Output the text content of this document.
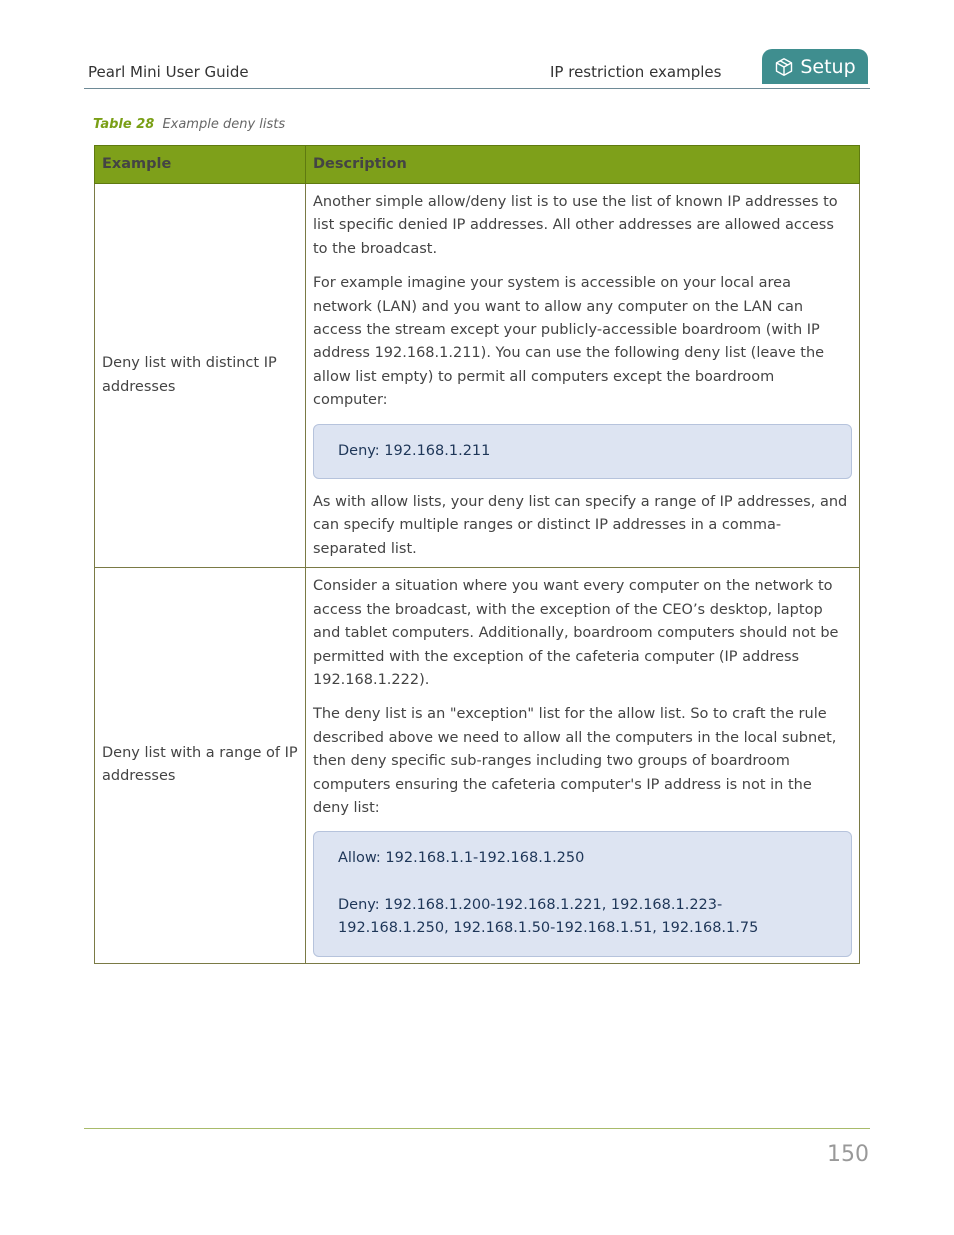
Pearl Mini User Guide	IP restriction examples	Setup
Table 28 Example deny lists
Example	Description
Deny list with distinct IP addresses	Another simple allow/deny list is to use the list of known IP addresses to list specific denied IP addresses. All other addresses are allowed access to the broadcast.

For example imagine your system is accessible on your local area network (LAN) and you want to allow any computer on the LAN can access the stream except your publicly-accessible boardroom (with IP address 192.168.1.211). You can use the following deny list (leave the allow list empty) to permit all computers except the boardroom computer:

Deny: 192.168.1.211

As with allow lists, your deny list can specify a range of IP addresses, and can specify multiple ranges or distinct IP addresses in a comma-separated list.

Deny list with a range of IP addresses	Consider a situation where you want every computer on the network to access the broadcast, with the exception of the CEO’s desktop, laptop and tablet computers. Additionally, boardroom computers should not be permitted with the exception of the cafeteria computer (IP address 192.168.1.222).

The deny list is an "exception" list for the allow list. So to craft the rule described above we need to allow all the computers in the local subnet, then deny specific sub-ranges including two groups of boardroom computers ensuring the cafeteria computer's IP address is not in the deny list:

Allow: 192.168.1.1-192.168.1.250
Deny: 192.168.1.200-192.168.1.221, 192.168.1.223-192.168.1.250, 192.168.1.50-192.168.1.51, 192.168.1.75
150
